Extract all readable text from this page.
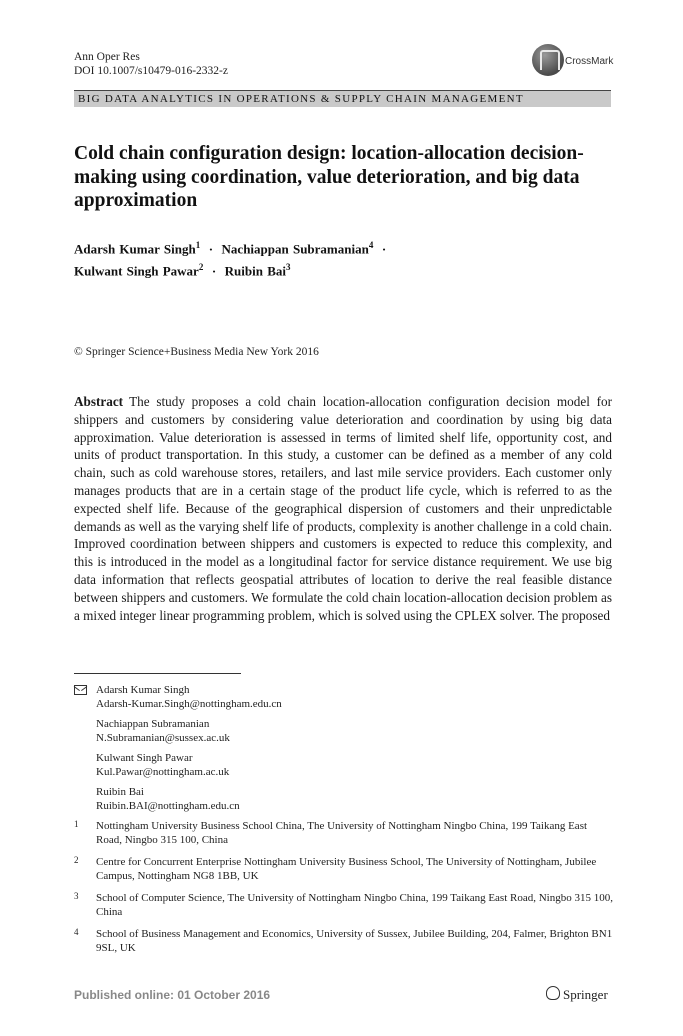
Ann Oper Res
DOI 10.1007/s10479-016-2332-z
CrossMark
BIG DATA ANALYTICS IN OPERATIONS & SUPPLY CHAIN MANAGEMENT
Cold chain configuration design: location-allocation decision-making using coordination, value deterioration, and big data approximation
Adarsh Kumar Singh$^1$ · Nachiappan Subramanian$^4$ ·
Kulwant Singh Pawar$^2$ · Ruibin Bai$^3$
© Springer Science+Business Media New York 2016
Abstract The study proposes a cold chain location-allocation configuration decision model for shippers and customers by considering value deterioration and coordination by using big data approximation. Value deterioration is assessed in terms of limited shelf life, opportunity cost, and units of product transportation. In this study, a customer can be defined as a member of any cold chain, such as cold warehouse stores, retailers, and last mile service providers. Each customer only manages products that are in a certain stage of the product life cycle, which is referred to as the expected shelf life. Because of the geographical dispersion of customers and their unpredictable demands as well as the varying shelf life of products, complexity is another challenge in a cold chain. Improved coordination between shippers and customers is expected to reduce this complexity, and this is introduced in the model as a longitudinal factor for service distance requirement. We use big data information that reflects geospatial attributes of location to derive the real feasible distance between shippers and customers. We formulate the cold chain location-allocation decision problem as a mixed integer linear programming problem, which is solved using the CPLEX solver. The proposed
Adarsh Kumar Singh
Adarsh-Kumar.Singh@nottingham.edu.cn
Nachiappan Subramanian
N.Subramanian@sussex.ac.uk
Kulwant Singh Pawar
Kul.Pawar@nottingham.ac.uk
Ruibin Bai
Ruibin.BAI@nottingham.edu.cn
1 Nottingham University Business School China, The University of Nottingham Ningbo China, 199 Taikang East Road, Ningbo 315 100, China
2 Centre for Concurrent Enterprise Nottingham University Business School, The University of Nottingham, Jubilee Campus, Nottingham NG8 1BB, UK
3 School of Computer Science, The University of Nottingham Ningbo China, 199 Taikang East Road, Ningbo 315 100, China
4 School of Business Management and Economics, University of Sussex, Jubilee Building, 204, Falmer, Brighton BN1 9SL, UK
Published online: 01 October 2016	Springer
